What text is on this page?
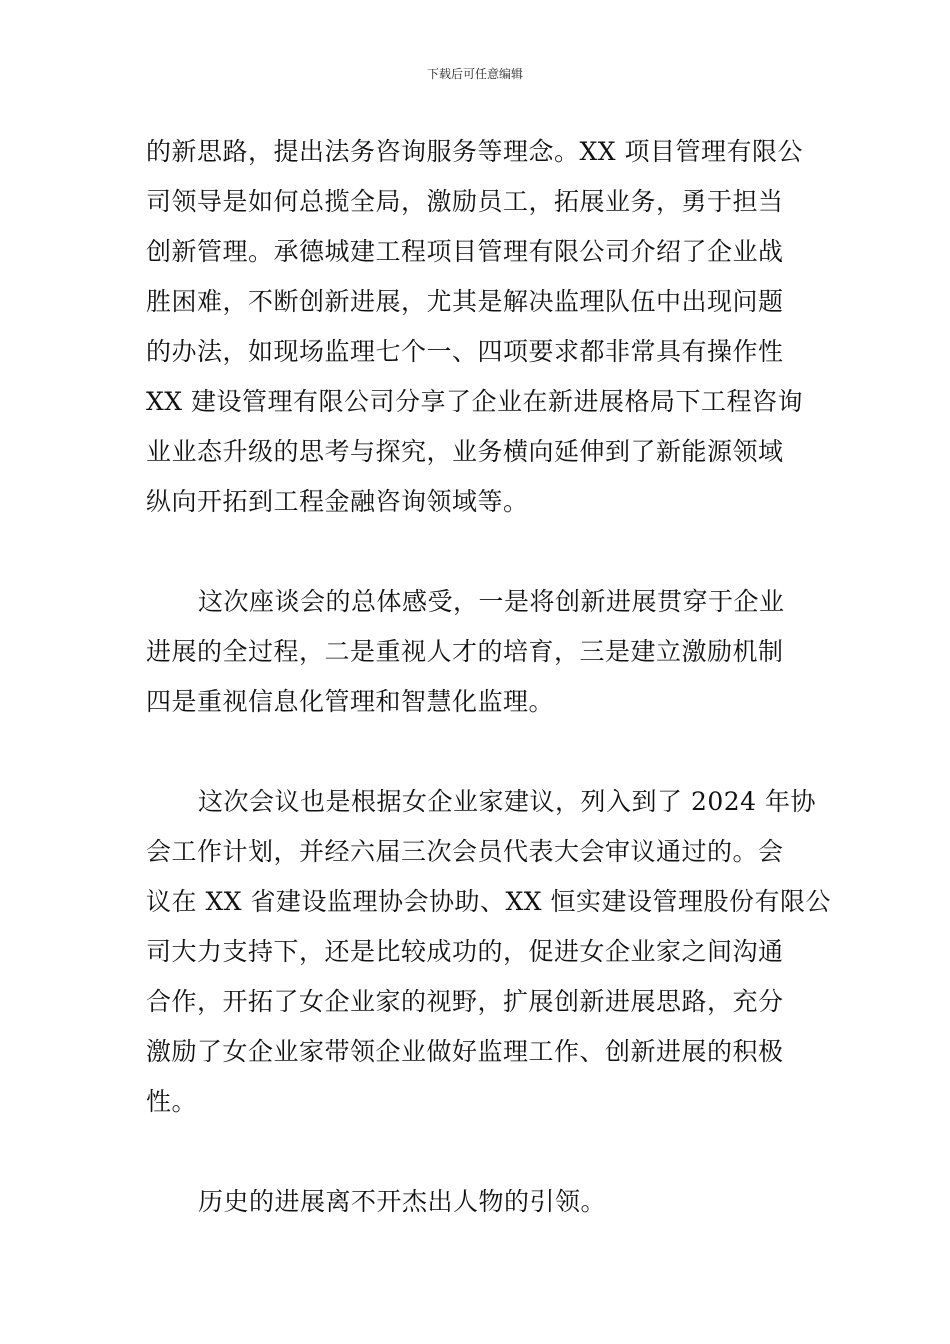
下载后可任意编辑
的新思路，提出法务咨询服务等理念。XX 项目管理有限公
司领导是如何总揽全局，激励员工，拓展业务，勇于担当
创新管理。承德城建工程项目管理有限公司介绍了企业战
胜困难，不断创新进展，尤其是解决监理队伍中出现问题
的办法，如现场监理七个一、四项要求都非常具有操作性
XX 建设管理有限公司分享了企业在新进展格局下工程咨询
业业态升级的思考与探究，业务横向延伸到了新能源领域
纵向开拓到工程金融咨询领域等。
这次座谈会的总体感受，一是将创新进展贯穿于企业
进展的全过程，二是重视人才的培育，三是建立激励机制
四是重视信息化管理和智慧化监理。
这次会议也是根据女企业家建议，列入到了 2024 年协
会工作计划，并经六届三次会员代表大会审议通过的。会
议在 XX 省建设监理协会协助、XX 恒实建设管理股份有限公
司大力支持下，还是比较成功的，促进女企业家之间沟通
合作，开拓了女企业家的视野，扩展创新进展思路，充分
激励了女企业家带领企业做好监理工作、创新进展的积极
性。
历史的进展离不开杰出人物的引领。
